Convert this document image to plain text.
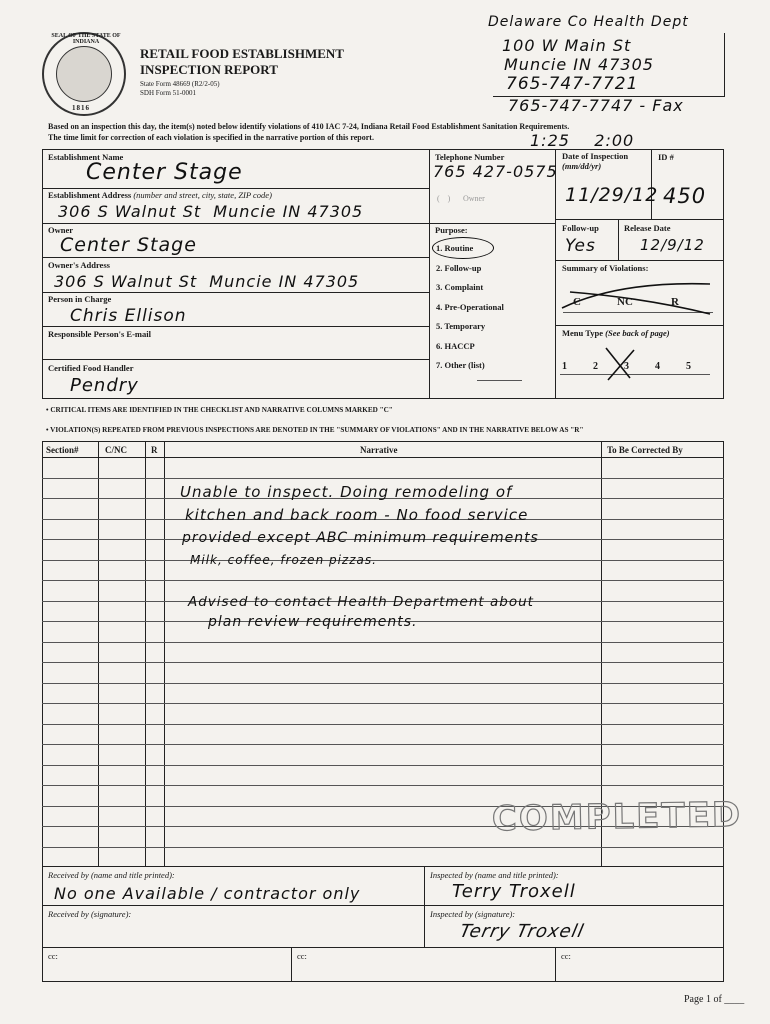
Delaware Co Health Dept
100 W Main St
Muncie IN 47305
765-747-7721
765-747-7747 - Fax
SEAL OF THE STATE OF INDIANA
1816
RETAIL FOOD ESTABLISHMENT
INSPECTION REPORT
State Form 48669 (R2/2-05)
SDH Form 51-0001
Based on an inspection this day, the item(s) noted below identify violations of 410 IAC 7-24, Indiana Retail Food Establishment Sanitation Requirements.
The time limit for correction of each violation is specified in the narrative portion of this report.	1:25    2:00
Establishment Name
Center Stage
Telephone Number
765 427-0575
Date of Inspection
(mm/dd/yr)
11/29/12
ID #
450
Establishment Address (number and street, city, state, ZIP code)
306 S Walnut St  Muncie IN 47305
(    ) Owner
Owner
Center Stage
Owner's Address
306 S Walnut St  Muncie IN 47305
Person in Charge
Chris Ellison
Responsible Person's E-mail
Certified Food Handler
Pendry
Purpose:
1. Routine
2. Follow-up
3. Complaint
4. Pre-Operational
5. Temporary
6. HACCP
7. Other (list)
Follow-up
Yes
Release Date
12/9/12
Summary of Violations:
C	NC	R
Menu Type (See back of page)
1	2	3	4	5
• CRITICAL ITEMS ARE IDENTIFIED IN THE CHECKLIST AND NARRATIVE COLUMNS MARKED "C"
• VIOLATION(S) REPEATED FROM PREVIOUS INSPECTIONS ARE DENOTED IN THE "SUMMARY OF VIOLATIONS" AND IN THE NARRATIVE BELOW AS "R"
Section#	C/NC	R	Narrative	To Be Corrected By
Unable to inspect. Doing remodeling of
kitchen and back room - No food service
provided except ABC minimum requirements
Milk, coffee, frozen pizzas.
Advised to contact Health Department about
plan review requirements.
COMPLETED
Received by (name and title printed):
No one Available / contractor only
Received by (signature):
Inspected by (name and title printed):
Terry Troxell
Inspected by (signature):
Terry Troxell
cc:	cc:	cc:
Page 1 of ____
